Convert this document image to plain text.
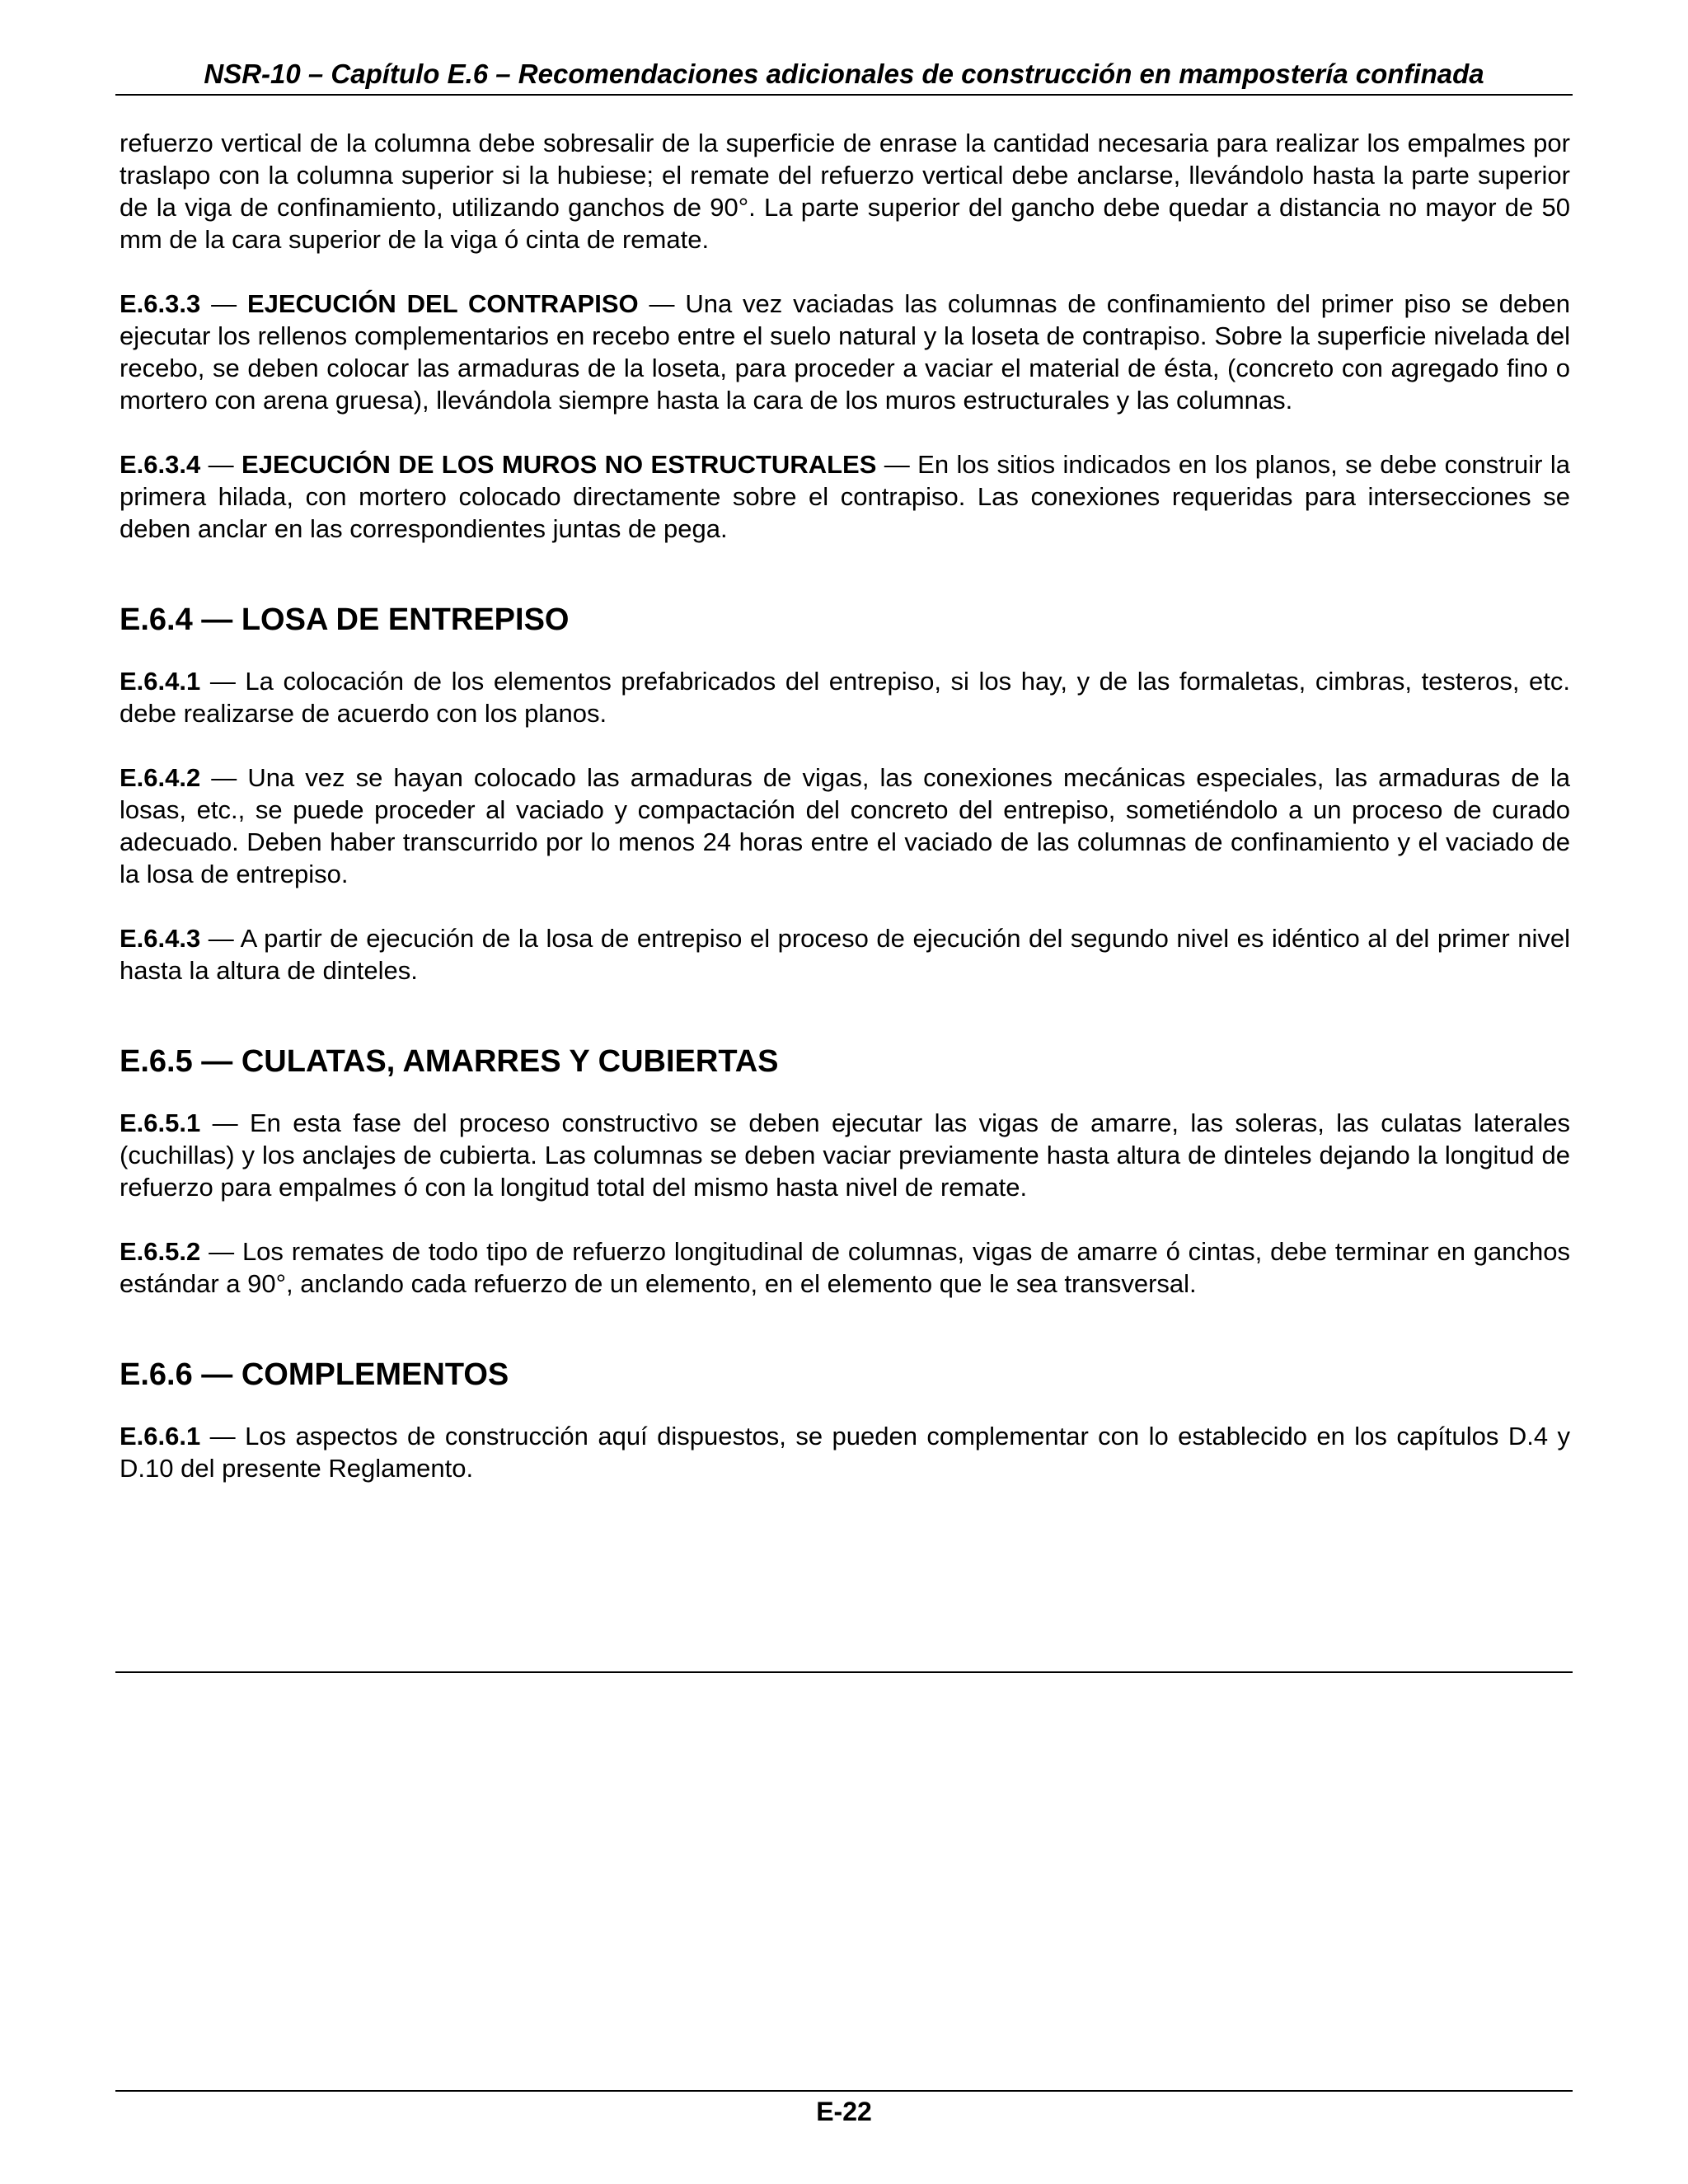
NSR-10 – Capítulo E.6 – Recomendaciones adicionales de construcción en mampostería confinada

refuerzo vertical de la columna debe sobresalir de la superficie de enrase la cantidad necesaria para realizar los empalmes por traslapo con la columna superior si la hubiese; el remate del refuerzo vertical debe anclarse, llevándolo hasta la parte superior de la viga de confinamiento, utilizando ganchos de 90°. La parte superior del gancho debe quedar a distancia no mayor de 50 mm de la cara superior de la viga ó cinta de remate.

E.6.3.3 — EJECUCIÓN DEL CONTRAPISO — Una vez vaciadas las columnas de confinamiento del primer piso se deben ejecutar los rellenos complementarios en recebo entre el suelo natural y la loseta de contrapiso. Sobre la superficie nivelada del recebo, se deben colocar las armaduras de la loseta, para proceder a vaciar el material de ésta, (concreto con agregado fino o mortero con arena gruesa), llevándola siempre hasta la cara de los muros estructurales y las columnas.

E.6.3.4 — EJECUCIÓN DE LOS MUROS NO ESTRUCTURALES — En los sitios indicados en los planos, se debe construir la primera hilada, con mortero colocado directamente sobre el contrapiso. Las conexiones requeridas para intersecciones se deben anclar en las correspondientes juntas de pega.

E.6.4 — LOSA DE ENTREPISO

E.6.4.1 — La colocación de los elementos prefabricados del entrepiso, si los hay, y de las formaletas, cimbras, testeros, etc. debe realizarse de acuerdo con los planos.

E.6.4.2 — Una vez se hayan colocado las armaduras de vigas, las conexiones mecánicas especiales, las armaduras de la losas, etc., se puede proceder al vaciado y compactación del concreto del entrepiso, sometiéndolo a un proceso de curado adecuado. Deben haber transcurrido por lo menos 24 horas entre el vaciado de las columnas de confinamiento y el vaciado de la losa de entrepiso.

E.6.4.3 — A partir de ejecución de la losa de entrepiso el proceso de ejecución del segundo nivel es idéntico al del primer nivel hasta la altura de dinteles.

E.6.5 — CULATAS, AMARRES Y CUBIERTAS

E.6.5.1 — En esta fase del proceso constructivo se deben ejecutar las vigas de amarre, las soleras, las culatas laterales (cuchillas) y los anclajes de cubierta. Las columnas se deben vaciar previamente hasta altura de dinteles dejando la longitud de refuerzo para empalmes ó con la longitud total del mismo hasta nivel de remate.

E.6.5.2 — Los remates de todo tipo de refuerzo longitudinal de columnas, vigas de amarre ó cintas, debe terminar en ganchos estándar a 90°, anclando cada refuerzo de un elemento, en el elemento que le sea transversal.

E.6.6 — COMPLEMENTOS

E.6.6.1 — Los aspectos de construcción aquí dispuestos, se pueden complementar con lo establecido en los capítulos D.4 y D.10 del presente Reglamento.

E-22
